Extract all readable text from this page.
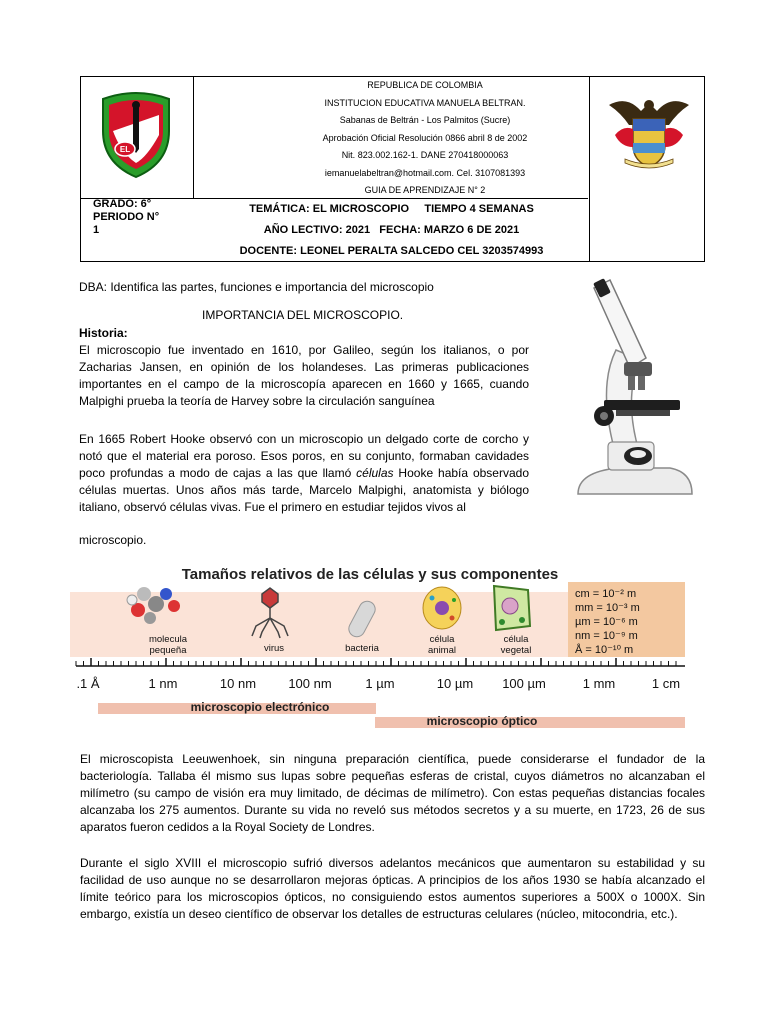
EL
REPUBLICA DE COLOMBIA
INSTITUCION EDUCATIVA MANUELA BELTRAN.
Sabanas de Beltrán - Los Palmitos (Sucre)
Aprobación Oficial Resolución 0866 abril 8 de 2002
Nit. 823.002.162-1. DANE 270418000063
iemanuelabeltran@hotmail.com. Cel. 3107081393
GUIA DE APRENDIZAJE N° 2
GRADO: 6°
PERIODO N°
1
TEMÁTICA: EL MICROSCOPIO     TIEMPO 4 SEMANAS
AÑO LECTIVO: 2021   FECHA: MARZO 6 DE 2021
DOCENTE: LEONEL PERALTA SALCEDO CEL 3203574993

DBA: Identifica las partes, funciones e importancia del microscopio

IMPORTANCIA DEL MICROSCOPIO.

Historia:

El microscopio fue inventado en 1610, por Galileo, según los italianos, o por Zacharias Jansen, en opinión de los holandeses. Las primeras publicaciones importantes en el campo de la microscopía aparecen en 1660 y 1665, cuando Malpighi prueba la teoría de Harvey sobre la circulación sanguínea

En 1665 Robert Hooke observó con un microscopio un delgado corte de corcho y notó que el material era poroso. Esos poros, en su conjunto, formaban cavidades poco profundas a modo de cajas a las que llamó células Hooke había observado células muertas. Unos años más tarde, Marcelo Malpighi, anatomista y biólogo italiano, observó células vivas. Fue el primero en estudiar tejidos vivos al

microscopio.

Tamaños relativos de las células y sus componentes
molecula
pequeña	virus	bacteria
célula
animal
célula
vegetal
cm = 10⁻² m
mm = 10⁻³ m
µm = 10⁻⁶ m
nm = 10⁻⁹ m
Å = 10⁻¹⁰ m
.1 Å	1 nm	10 nm 100 nm	1 µm	10 µm 100 µm	1 mm	1 cm
microscopio electrónico
microscopio óptico

El microscopista Leeuwenhoek, sin ninguna preparación científica, puede considerarse el fundador de la bacteriología. Tallaba él mismo sus lupas sobre pequeñas esferas de cristal, cuyos diámetros no alcanzaban el milímetro (su campo de visión era muy limitado, de décimas de milímetro). Con estas pequeñas distancias focales alcanzaba los 275 aumentos. Durante su vida no reveló sus métodos secretos y a su muerte, en 1723, 26 de sus aparatos fueron cedidos a la Royal Society de Londres.

Durante el siglo XVIII el microscopio sufrió diversos adelantos mecánicos que aumentaron su estabilidad y su facilidad de uso aunque no se desarrollaron mejoras ópticas. A principios de los años 1930 se había alcanzado el límite teórico para los microscopios ópticos, no consiguiendo estos aumentos superiores a 500X o 1000X. Sin embargo, existía un deseo científico de observar los detalles de estructuras celulares (núcleo, mitocondria, etc.).
